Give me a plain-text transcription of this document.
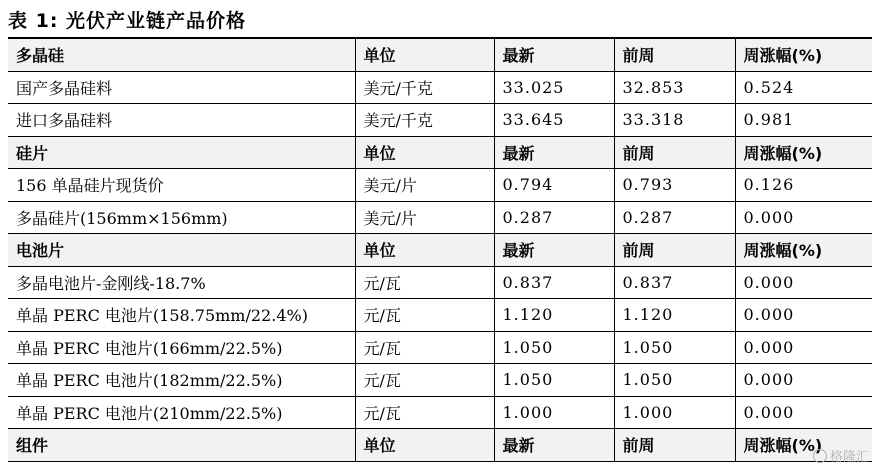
表 1: 光伏产业链产品价格
多晶硅	单位	最新	前周	周涨幅(%)
国产多晶硅料	美元/千克	33.025	32.853	0.524
进口多晶硅料	美元/千克	33.645	33.318	0.981
硅片	单位	最新	前周	周涨幅(%)
156 单晶硅片现货价	美元/片	0.794	0.793	0.126
多晶硅片(156mm×156mm)	美元/片	0.287	0.287	0.000
电池片	单位	最新	前周	周涨幅(%)
多晶电池片-金刚线-18.7%	元/瓦	0.837	0.837	0.000
单晶 PERC 电池片(158.75mm/22.4%)	元/瓦	1.120	1.120	0.000
单晶 PERC 电池片(166mm/22.5%)	元/瓦	1.050	1.050	0.000
单晶 PERC 电池片(182mm/22.5%)	元/瓦	1.050	1.050	0.000
单晶 PERC 电池片(210mm/22.5%)	元/瓦	1.000	1.000	0.000
组件	单位	最新	前周	周涨幅(%)
格隆汇
